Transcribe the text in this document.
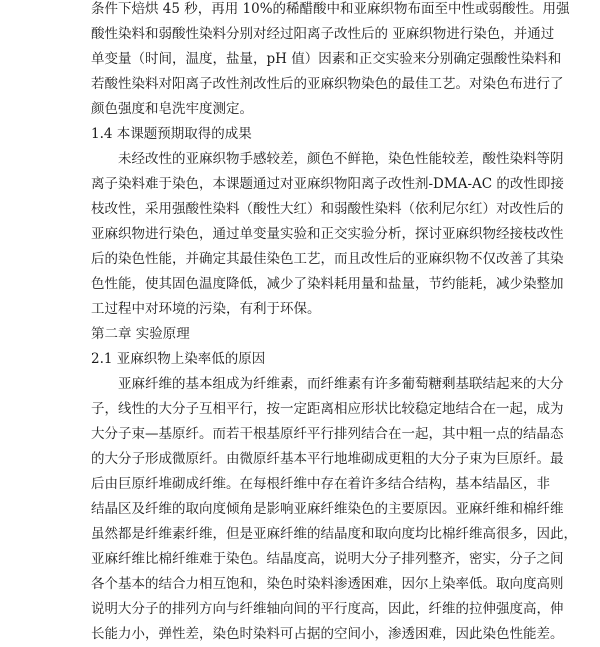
条件下焙烘 45 秒，再用 10%的稀醋酸中和亚麻织物布面至中性或弱酸性。用强
酸性染料和弱酸性染料分别对经过阳离子改性后的 亚麻织物进行染色，并通过
单变量（时间，温度，盐量，pH 值）因素和正交实验来分别确定强酸性染料和
若酸性染料对阳离子改性剂改性后的亚麻织物染色的最佳工艺。对染色布进行了
颜色强度和皂洗牢度测定。
1.4 本课题预期取得的成果
未经改性的亚麻织物手感较差，颜色不鲜艳，染色性能较差，酸性染料等阴
离子染料难于染色，本课题通过对亚麻织物阳离子改性剂-DMA-AC 的改性即接
枝改性，采用强酸性染料（酸性大红）和弱酸性染料（依利尼尔红）对改性后的
亚麻织物进行染色，通过单变量实验和正交实验分析，探讨亚麻织物经接枝改性
后的染色性能，并确定其最佳染色工艺，而且改性后的亚麻织物不仅改善了其染
色性能，使其固色温度降低，减少了染料耗用量和盐量，节约能耗，减少染整加
工过程中对环境的污染，有利于环保。
第二章 实验原理
2.1 亚麻织物上染率低的原因
亚麻纤维的基本组成为纤维素，而纤维素有许多葡萄糖剩基联结起来的大分
子，线性的大分子互相平行，按一定距离相应形状比较稳定地结合在一起，成为
大分子束—基原纤。而若干根基原纤平行排列结合在一起，其中粗一点的结晶态
的大分子形成微原纤。由微原纤基本平行地堆砌成更粗的大分子束为巨原纤。最
后由巨原纤堆砌成纤维。在每根纤维中存在着许多结合结构，基本结晶区，非
结晶区及纤维的取向度倾角是影响亚麻纤维染色的主要原因。亚麻纤维和棉纤维
虽然都是纤维素纤维，但是亚麻纤维的结晶度和取向度均比棉纤维高很多，因此，
亚麻纤维比棉纤维难于染色。结晶度高，说明大分子排列整齐，密实，分子之间
各个基本的结合力相互饱和，染色时染料渗透困难，因尔上染率低。取向度高则
说明大分子的排列方向与纤维轴向间的平行度高，因此，纤维的拉伸强度高，伸
长能力小，弹性差，染色时染料可占据的空间小，渗透困难，因此染色性能差。
